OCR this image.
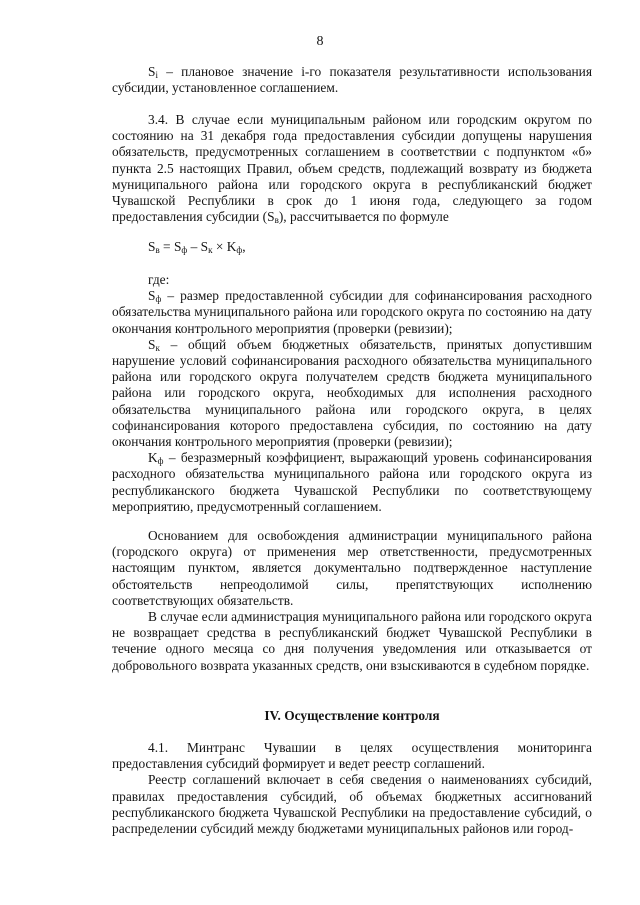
8

$S_i$ – плановое значение i-го показателя результативности использования субсидии, установленное соглашением.

3.4. В случае если муниципальным районом или городским округом по состоянию на 31 декабря года предоставления субсидии допущены нарушения обязательств, предусмотренных соглашением в соответствии с подпунктом «б» пункта 2.5 настоящих Правил, объем средств, подлежащий возврату из бюджета муниципального района или городского округа в республиканский бюджет Чувашской Республики в срок до 1 июня года, следующего за годом предоставления субсидии $(S_в)$, рассчитывается по формуле

$S_в = S_ф - S_к \times K_ф$,

где:

$S_ф$ – размер предоставленной субсидии для софинансирования расходного обязательства муниципального района или городского округа по состоянию на дату окончания контрольного мероприятия (проверки (ревизии);

$S_к$ – общий объем бюджетных обязательств, принятых допустившим нарушение условий софинансирования расходного обязательства муниципального района или городского округа получателем средств бюджета муниципального района или городского округа, необходимых для исполнения расходного обязательства муниципального района или городского округа, в целях софинансирования которого предоставлена субсидия, по состоянию на дату окончания контрольного мероприятия (проверки (ревизии);

$K_ф$ – безразмерный коэффициент, выражающий уровень софинансирования расходного обязательства муниципального района или городского округа из республиканского бюджета Чувашской Республики по соответствующему мероприятию, предусмотренный соглашением.

Основанием для освобождения администрации муниципального района (городского округа) от применения мер ответственности, предусмотренных настоящим пунктом, является документально подтвержденное наступление обстоятельств непреодолимой силы, препятствующих исполнению соответствующих обязательств.

В случае если администрация муниципального района или городского округа не возвращает средства в республиканский бюджет Чувашской Республики в течение одного месяца со дня получения уведомления или отказывается от добровольного возврата указанных средств, они взыскиваются в судебном порядке.

IV. Осуществление контроля

4.1. Минтранс Чувашии в целях осуществления мониторинга предоставления субсидий формирует и ведет реестр соглашений.

Реестр соглашений включает в себя сведения о наименованиях субсидий, правилах предоставления субсидий, об объемах бюджетных ассигнований республиканского бюджета Чувашской Республики на предоставление субсидий, о распределении субсидий между бюджетами муниципальных районов или город-
